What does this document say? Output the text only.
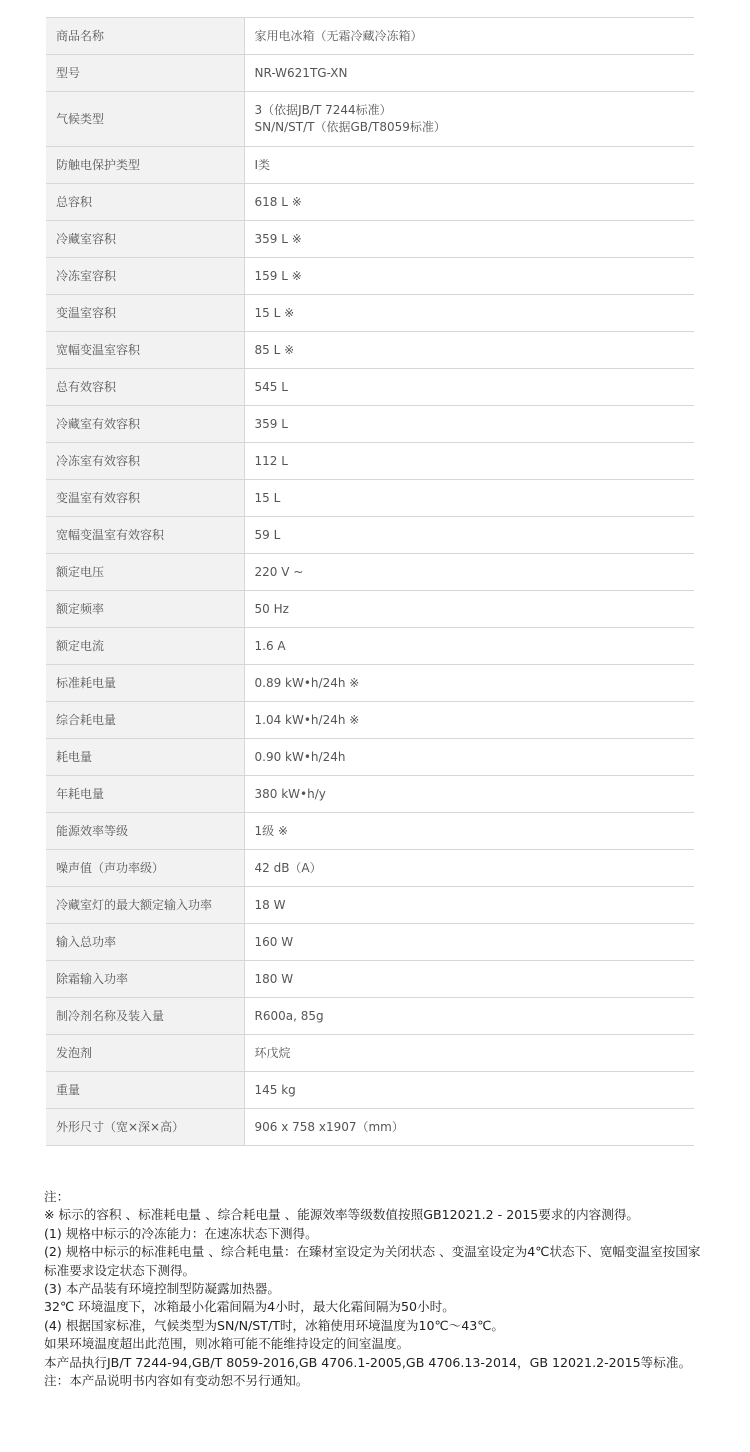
商品名称	家用电冰箱（无霜冷藏冷冻箱）
型号	NR-W621TG-XN
气候类型	3（依据JB/T 7244标准）
SN/N/ST/T（依据GB/T8059标准）
防触电保护类型	Ⅰ类
总容积	618 L ※
冷藏室容积	359 L ※
冷冻室容积	159 L ※
变温室容积	15 L ※
宽幅变温室容积	85 L ※
总有效容积	545 L
冷藏室有效容积	359 L
冷冻室有效容积	112 L
变温室有效容积	15 L
宽幅变温室有效容积	59 L
额定电压	220 V ~
额定频率	50 Hz
额定电流	1.6 A
标准耗电量	0.89 kW•h/24h ※
综合耗电量	1.04 kW•h/24h ※
耗电量	0.90 kW•h/24h
年耗电量	380 kW•h/y
能源效率等级	1级 ※
噪声值（声功率级）	42 dB（A）
冷藏室灯的最大额定输入功率	18 W
输入总功率	160 W
除霜输入功率	180 W
制冷剂名称及装入量	R600a, 85g
发泡剂	环戊烷
重量	145 kg
外形尺寸（宽×深×高）	906 x 758 x1907（mm）
注：
※ 标示的容积 、标准耗电量 、综合耗电量 、能源效率等级数值按照GB12021.2 - 2015要求的内容测得。
(1) 规格中标示的冷冻能力：在速冻状态下测得。
(2) 规格中标示的标准耗电量 、综合耗电量：在臻材室设定为关闭状态 、变温室设定为4℃状态下、宽幅变温室按国家标准要求设定状态下测得。
(3) 本产品装有环境控制型防凝露加热器。
32℃ 环境温度下，冰箱最小化霜间隔为4小时，最大化霜间隔为50小时。
(4) 根据国家标准，气候类型为SN/N/ST/T时，冰箱使用环境温度为10℃～43℃。
如果环境温度超出此范围，则冰箱可能不能维持设定的间室温度。
本产品执行JB/T 7244-94,GB/T 8059-2016,GB 4706.1-2005,GB 4706.13-2014，GB 12021.2-2015等标准。
注：本产品说明书内容如有变动恕不另行通知。
